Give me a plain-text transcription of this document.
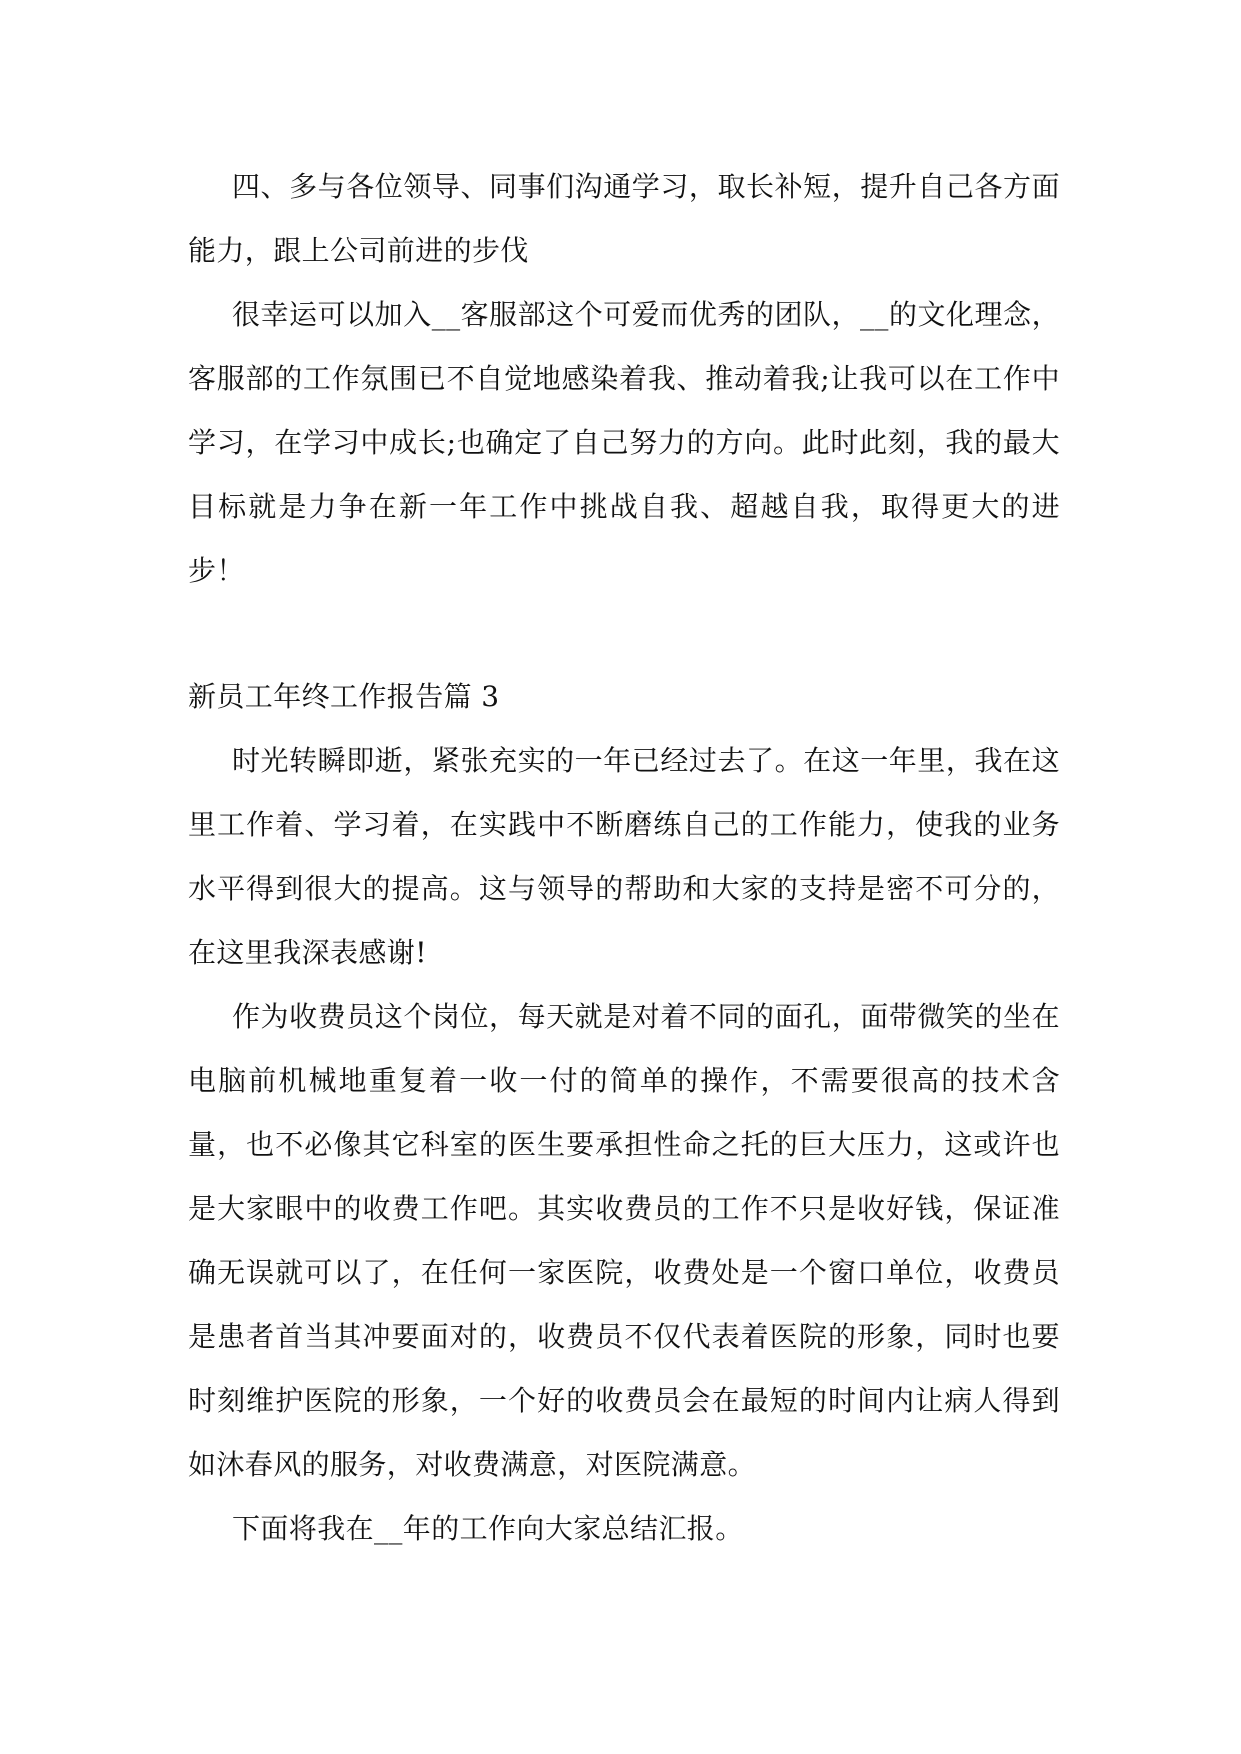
四、多与各位领导、同事们沟通学习，取长补短，提升自己各方面能力，跟上公司前进的步伐

很幸运可以加入__客服部这个可爱而优秀的团队，__的文化理念，客服部的工作氛围已不自觉地感染着我、推动着我;让我可以在工作中学习，在学习中成长;也确定了自己努力的方向。此时此刻，我的最大目标就是力争在新一年工作中挑战自我、超越自我，取得更大的进步！

新员工年终工作报告篇 3

时光转瞬即逝，紧张充实的一年已经过去了。在这一年里，我在这里工作着、学习着，在实践中不断磨练自己的工作能力，使我的业务水平得到很大的提高。这与领导的帮助和大家的支持是密不可分的，在这里我深表感谢!

作为收费员这个岗位，每天就是对着不同的面孔，面带微笑的坐在电脑前机械地重复着一收一付的简单的操作，不需要很高的技术含量，也不必像其它科室的医生要承担性命之托的巨大压力，这或许也是大家眼中的收费工作吧。其实收费员的工作不只是收好钱，保证准确无误就可以了，在任何一家医院，收费处是一个窗口单位，收费员是患者首当其冲要面对的，收费员不仅代表着医院的形象，同时也要时刻维护医院的形象，一个好的收费员会在最短的时间内让病人得到如沐春风的服务，对收费满意，对医院满意。

下面将我在__年的工作向大家总结汇报。
